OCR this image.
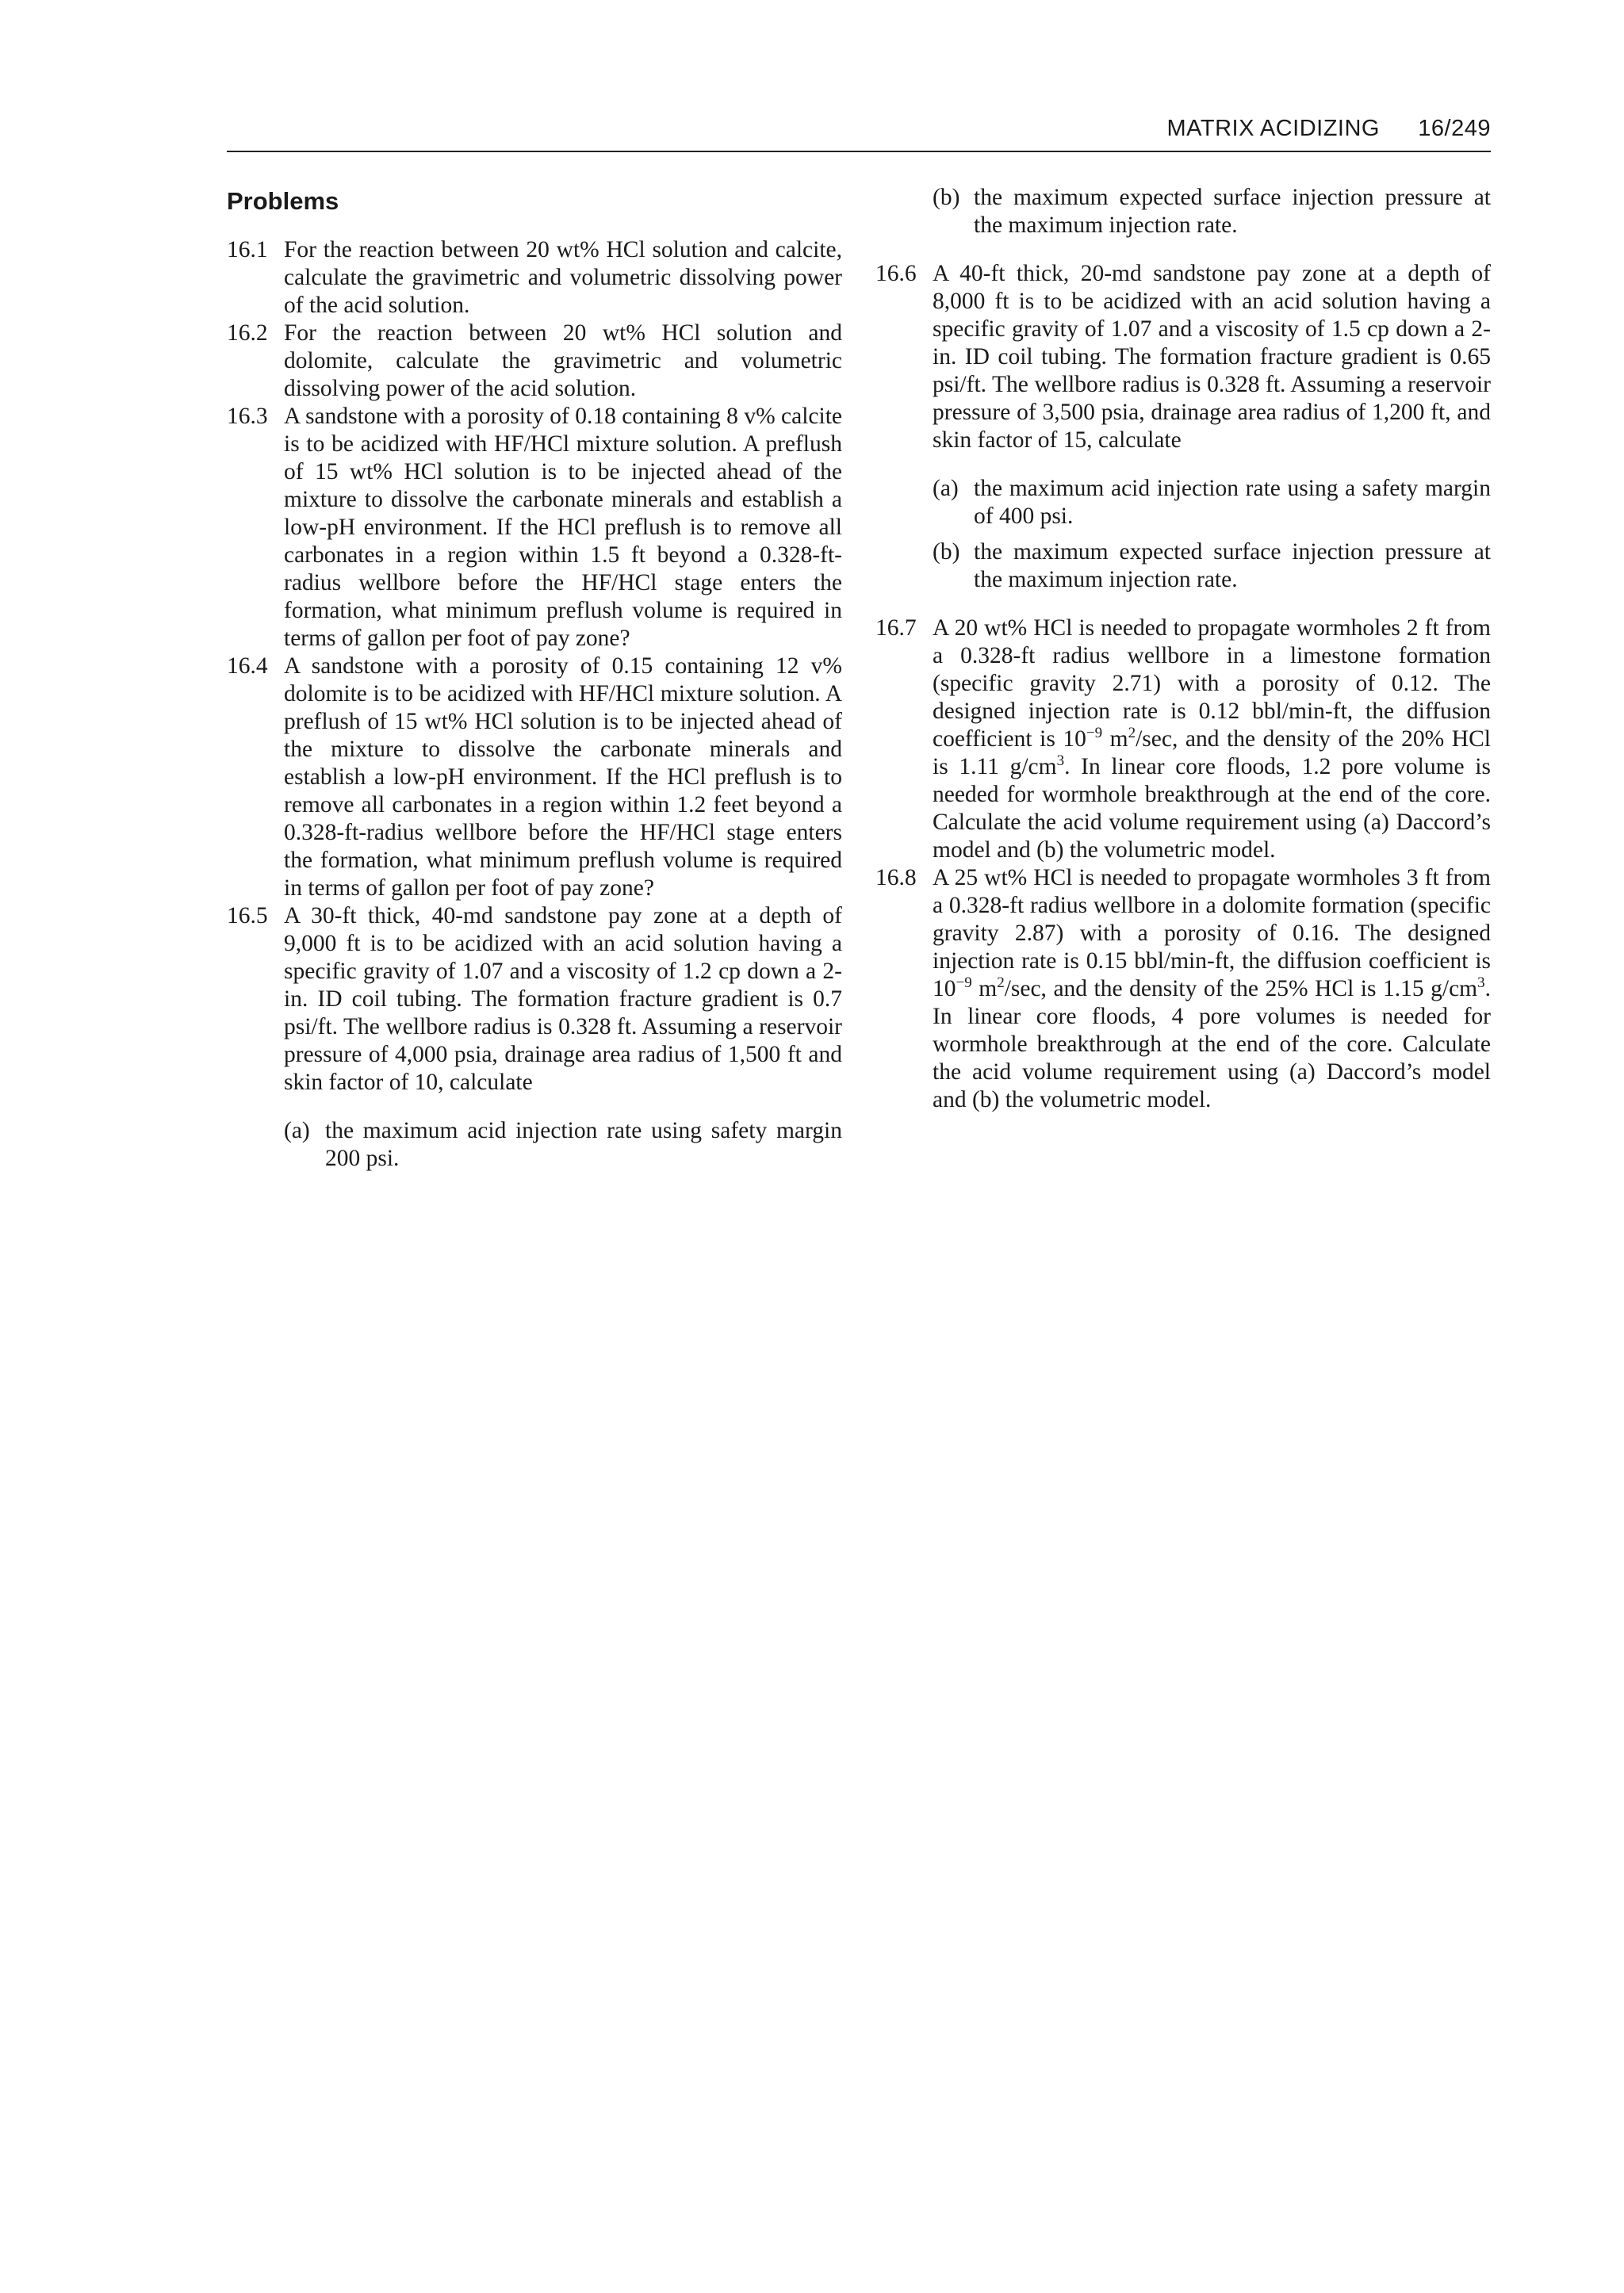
MATRIX ACIDIZING 16/249
Problems
16.1 For the reaction between 20 wt% HCl solution and calcite, calculate the gravimetric and volumetric dissolving power of the acid solution.
16.2 For the reaction between 20 wt% HCl solution and dolomite, calculate the gravimetric and volumetric dissolving power of the acid solution.
16.3 A sandstone with a porosity of 0.18 containing 8 v% calcite is to be acidized with HF/HCl mixture solution. A preflush of 15 wt% HCl solution is to be injected ahead of the mixture to dissolve the carbonate minerals and establish a low-pH environment. If the HCl preflush is to remove all carbonates in a region within 1.5 ft beyond a 0.328-ft-radius wellbore before the HF/HCl stage enters the formation, what minimum preflush volume is required in terms of gallon per foot of pay zone?
16.4 A sandstone with a porosity of 0.15 containing 12 v% dolomite is to be acidized with HF/HCl mixture solution. A preflush of 15 wt% HCl solution is to be injected ahead of the mixture to dissolve the carbonate minerals and establish a low-pH environment. If the HCl preflush is to remove all carbonates in a region within 1.2 feet beyond a 0.328-ft-radius wellbore before the HF/HCl stage enters the formation, what minimum preflush volume is required in terms of gallon per foot of pay zone?
16.5 A 30-ft thick, 40-md sandstone pay zone at a depth of 9,000 ft is to be acidized with an acid solution having a specific gravity of 1.07 and a viscosity of 1.2 cp down a 2-in. ID coil tubing. The formation fracture gradient is 0.7 psi/ft. The wellbore radius is 0.328 ft. Assuming a reservoir pressure of 4,000 psia, drainage area radius of 1,500 ft and skin factor of 10, calculate
(a) the maximum acid injection rate using safety margin 200 psi.
(b) the maximum expected surface injection pressure at the maximum injection rate.
16.6 A 40-ft thick, 20-md sandstone pay zone at a depth of 8,000 ft is to be acidized with an acid solution having a specific gravity of 1.07 and a viscosity of 1.5 cp down a 2-in. ID coil tubing. The formation fracture gradient is 0.65 psi/ft. The wellbore radius is 0.328 ft. Assuming a reservoir pressure of 3,500 psia, drainage area radius of 1,200 ft, and skin factor of 15, calculate
(a) the maximum acid injection rate using a safety margin of 400 psi.
(b) the maximum expected surface injection pressure at the maximum injection rate.
16.7 A 20 wt% HCl is needed to propagate wormholes 2 ft from a 0.328-ft radius wellbore in a limestone formation (specific gravity 2.71) with a porosity of 0.12. The designed injection rate is 0.12 bbl/min-ft, the diffusion coefficient is $10^{-9}$ $m^2/\sec$, and the density of the 20% HCl is 1.11 $g/cm^3$. In linear core floods, 1.2 pore volume is needed for wormhole breakthrough at the end of the core. Calculate the acid volume requirement using (a) Daccord’s model and (b) the volumetric model.
16.8 A 25 wt% HCl is needed to propagate wormholes 3 ft from a 0.328-ft radius wellbore in a dolomite formation (specific gravity 2.87) with a porosity of 0.16. The designed injection rate is 0.15 bbl/min-ft, the diffusion coefficient is $10^{-9}$ $m^2/\sec$, and the density of the 25% HCl is 1.15 $g/cm^3$. In linear core floods, 4 pore volumes is needed for wormhole breakthrough at the end of the core. Calculate the acid volume requirement using (a) Daccord’s model and (b) the volumetric model.
